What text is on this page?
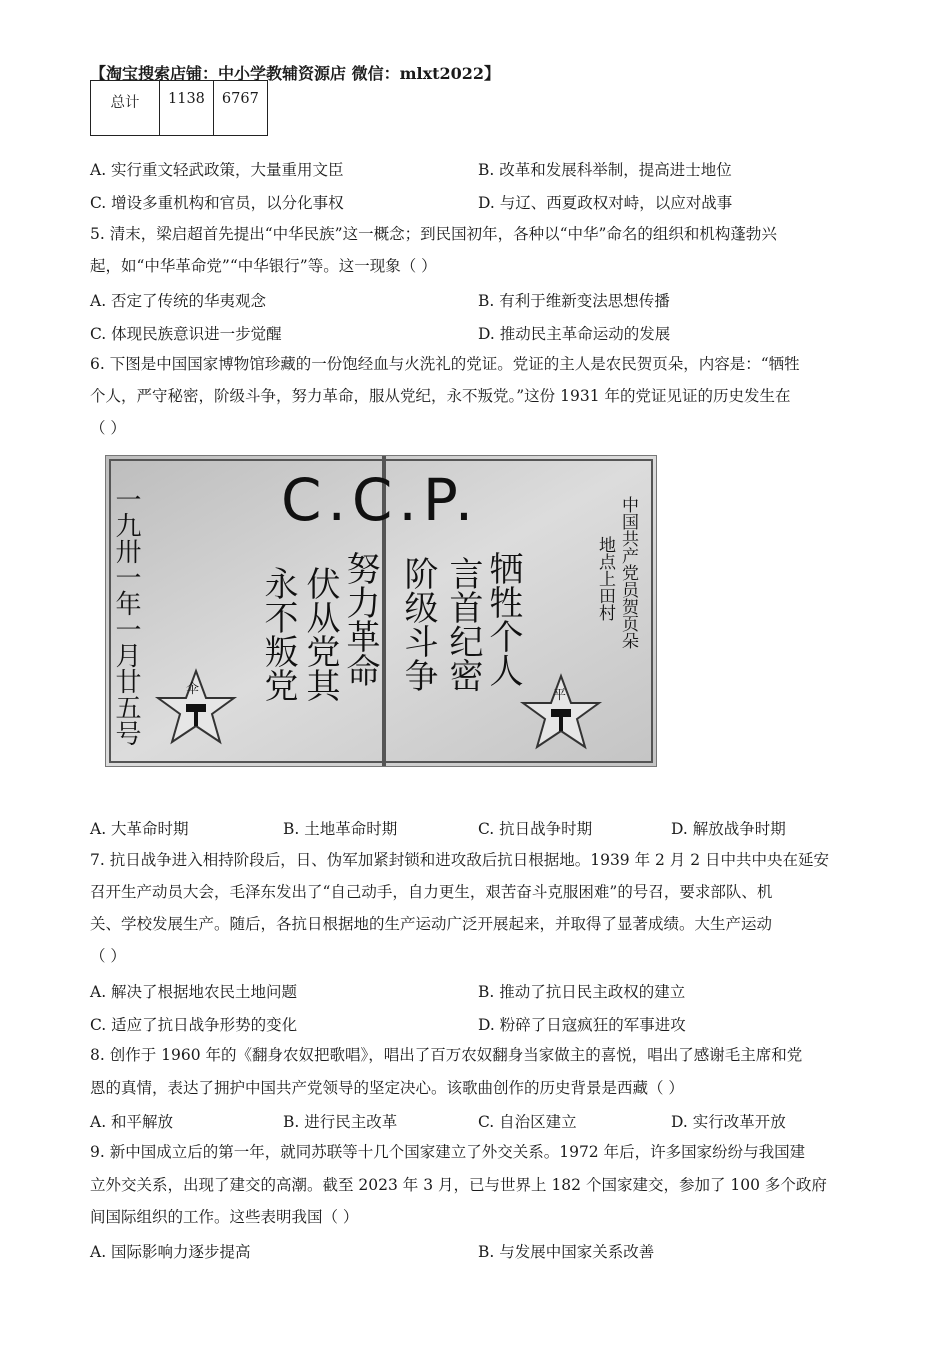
【淘宝搜索店铺：中小学教辅资源店 微信：mlxt2022】
总计	1138	6767
A. 实行重文轻武政策，大量重用文臣	B. 改革和发展科举制，提高进士地位
C. 增设多重机构和官员，以分化事权	D. 与辽、西夏政权对峙，以应对战事
5. 清末，梁启超首先提出“中华民族”这一概念；到民国初年，各种以“中华”命名的组织和机构蓬勃兴
起，如“中华革命党”“中华银行”等。这一现象（ ）
A. 否定了传统的华夷观念	B. 有利于维新变法思想传播
C. 体现民族意识进一步觉醒	D. 推动民主革命运动的发展
6. 下图是中国国家博物馆珍藏的一份饱经血与火洗礼的党证。党证的主人是农民贺页朵，内容是：“牺牲
个人，严守秘密，阶级斗争，努力革命，服从党纪，永不叛党。”这份 1931 年的党证见证的历史发生在
（ ）
C.C.P.
一九卅一年一月廿五号	中国共产党员贺页朵
地点上田村
牺牲个人
言首纪密
阶级斗争
努力革命
伏从党其
永不叛党
伞	平
A. 大革命时期	B. 土地革命时期	C. 抗日战争时期	D. 解放战争时期
7. 抗日战争进入相持阶段后，日、伪军加紧封锁和进攻敌后抗日根据地。1939 年 2 月 2 日中共中央在延安
召开生产动员大会，毛泽东发出了“自己动手，自力更生，艰苦奋斗克服困难”的号召，要求部队、机
关、学校发展生产。随后，各抗日根据地的生产运动广泛开展起来，并取得了显著成绩。大生产运动
（ ）
A. 解决了根据地农民土地问题	B. 推动了抗日民主政权的建立
C. 适应了抗日战争形势的变化	D. 粉碎了日寇疯狂的军事进攻
8. 创作于 1960 年的《翻身农奴把歌唱》，唱出了百万农奴翻身当家做主的喜悦，唱出了感谢毛主席和党
恩的真情，表达了拥护中国共产党领导的坚定决心。该歌曲创作的历史背景是西藏（ ）
A. 和平解放	B. 进行民主改革	C. 自治区建立	D. 实行改革开放
9. 新中国成立后的第一年，就同苏联等十几个国家建立了外交关系。1972 年后，许多国家纷纷与我国建
立外交关系，出现了建交的高潮。截至 2023 年 3 月，已与世界上 182 个国家建交，参加了 100 多个政府
间国际组织的工作。这些表明我国（ ）
A. 国际影响力逐步提高	B. 与发展中国家关系改善
